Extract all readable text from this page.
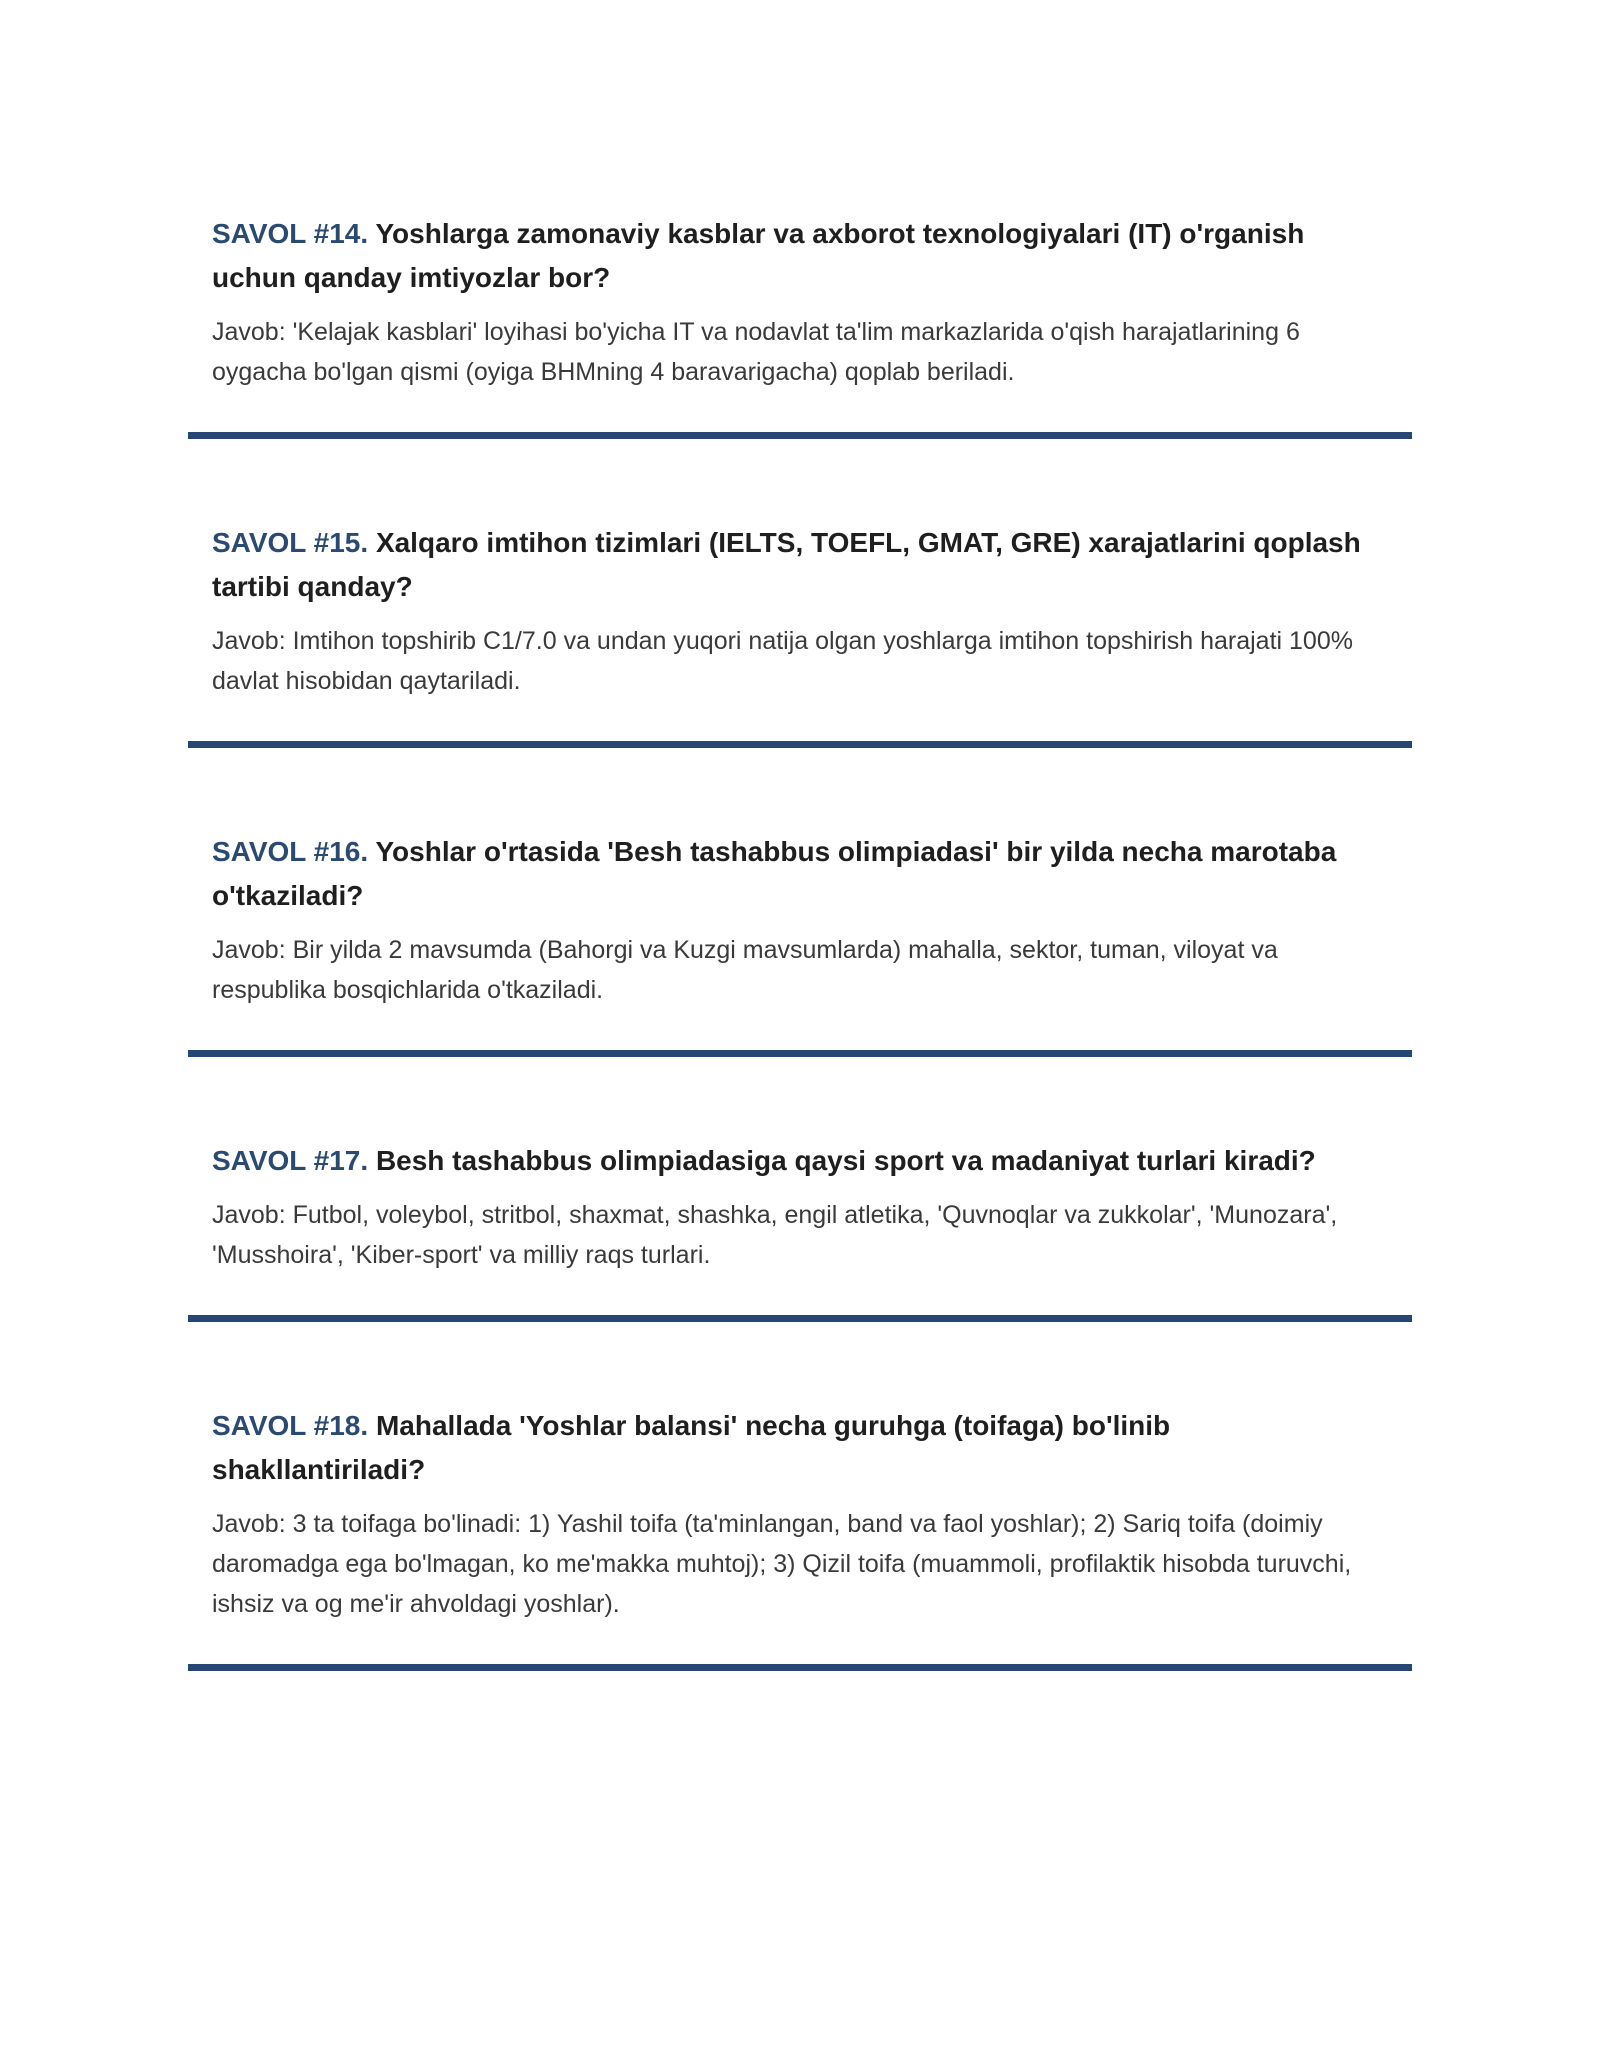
SAVOL #14. Yoshlarga zamonaviy kasblar va axborot texnologiyalari (IT) o'rganish uchun qanday imtiyozlar bor?

Javob: 'Kelajak kasblari' loyihasi bo'yicha IT va nodavlat ta'lim markazlarida o'qish harajatlarining 6 oygacha bo'lgan qismi (oyiga BHMning 4 baravarigacha) qoplab beriladi.

SAVOL #15. Xalqaro imtihon tizimlari (IELTS, TOEFL, GMAT, GRE) xarajatlarini qoplash tartibi qanday?

Javob: Imtihon topshirib C1/7.0 va undan yuqori natija olgan yoshlarga imtihon topshirish harajati 100% davlat hisobidan qaytariladi.

SAVOL #16. Yoshlar o'rtasida 'Besh tashabbus olimpiadasi' bir yilda necha marotaba o'tkaziladi?

Javob: Bir yilda 2 mavsumda (Bahorgi va Kuzgi mavsumlarda) mahalla, sektor, tuman, viloyat va respublika bosqichlarida o'tkaziladi.

SAVOL #17. Besh tashabbus olimpiadasiga qaysi sport va madaniyat turlari kiradi?

Javob: Futbol, voleybol, stritbol, shaxmat, shashka, engil atletika, 'Quvnoqlar va zukkolar', 'Munozara', 'Musshoira', 'Kiber-sport' va milliy raqs turlari.

SAVOL #18. Mahallada 'Yoshlar balansi' necha guruhga (toifaga) bo'linib shakllantiriladi?

Javob: 3 ta toifaga bo'linadi: 1) Yashil toifa (ta'minlangan, band va faol yoshlar); 2) Sariq toifa (doimiy daromadga ega bo'lmagan, ko me'makka muhtoj); 3) Qizil toifa (muammoli, profilaktik hisobda turuvchi, ishsiz va og me'ir ahvoldagi yoshlar).
